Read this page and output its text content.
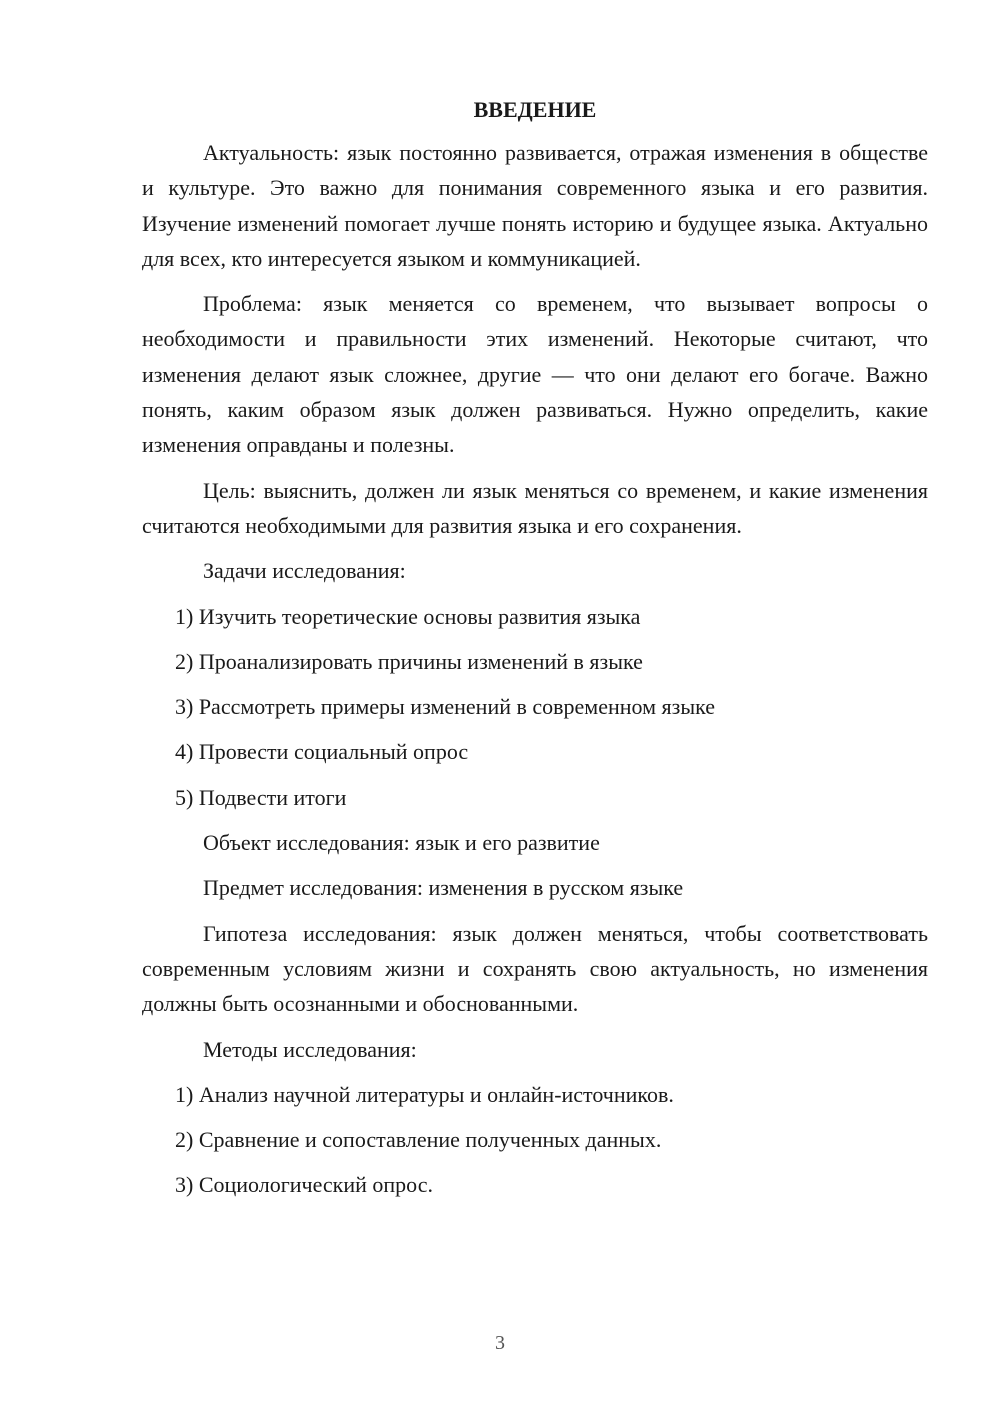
ВВЕДЕНИЕ

Актуальность: язык постоянно развивается, отражая изменения в обществе и культуре. Это важно для понимания современного языка и его развития. Изучение изменений помогает лучше понять историю и будущее языка. Актуально для всех, кто интересуется языком и коммуникацией.

Проблема: язык меняется со временем, что вызывает вопросы о необходимости и правильности этих изменений. Некоторые считают, что изменения делают язык сложнее, другие — что они делают его богаче. Важно понять, каким образом язык должен развиваться. Нужно определить, какие изменения оправданы и полезны.

Цель: выяснить, должен ли язык меняться со временем, и какие изменения считаются необходимыми для развития языка и его сохранения.

Задачи исследования:
1) Изучить теоретические основы развития языка
2) Проанализировать причины изменений в языке
3) Рассмотреть примеры изменений в современном языке
4) Провести социальный опрос
5) Подвести итоги
Объект исследования: язык и его развитие
Предмет исследования: изменения в русском языке

Гипотеза исследования: язык должен меняться, чтобы соответствовать современным условиям жизни и сохранять свою актуальность, но изменения должны быть осознанными и обоснованными.

Методы исследования:
1) Анализ научной литературы и онлайн-источников.
2) Сравнение и сопоставление полученных данных.
3) Социологический опрос.
3
